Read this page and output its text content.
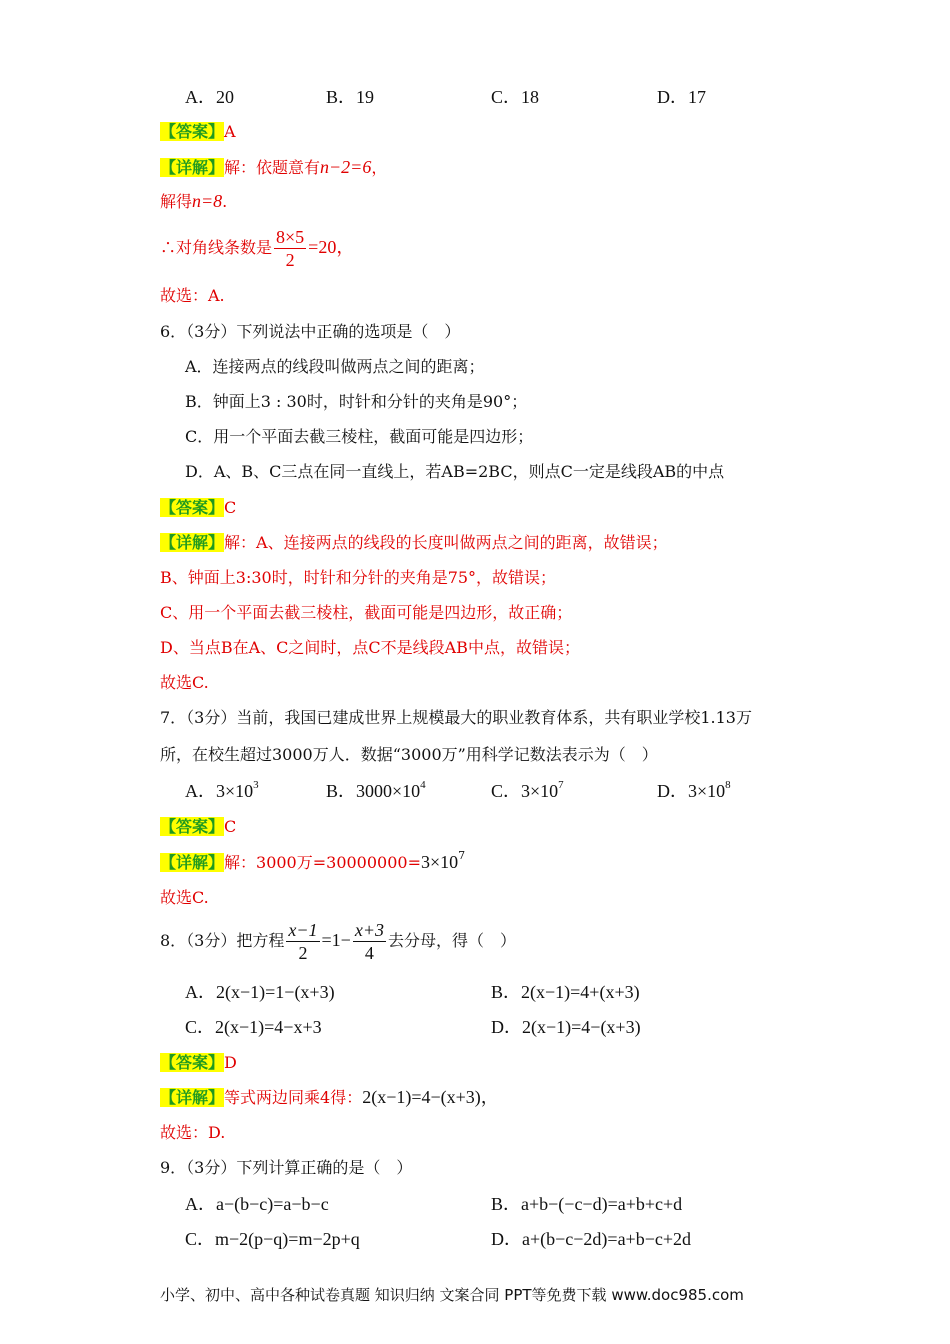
A．20	B．19	C．18	D．17
【答案】A
【详解】解：依题意有n−2=6，
解得n=8.
∴对角线条数是 $\frac{8\times 5}{2} =20$，
故选：A.
6．（3分）下列说法中正确的选项是（　）
A．连接两点的线段叫做两点之间的距离；
B．钟面上3 : 30时，时针和分针的夹角是90°；
C．用一个平面去截三棱柱，截面可能是四边形；
D．A、B、C三点在同一直线上，若AB=2BC，则点C一定是线段AB的中点
【答案】C
【详解】解：A、连接两点的线段的长度叫做两点之间的距离，故错误；
B、钟面上3:30时，时针和分针的夹角是75°，故错误；
C、用一个平面去截三棱柱，截面可能是四边形，故正确；
D、当点B在A、C之间时，点C不是线段AB中点，故错误；
故选C.
7．（3分）当前，我国已建成世界上规模最大的职业教育体系，共有职业学校1.13万
所，在校生超过3000万人．数据“3000万”用科学记数法表示为（　）
A．$3\times 10^3$	B．$3000\times 10^4$	C．$3\times 10^7$	D．$3\times 10^8$
【答案】C
【详解】解：3000万$=30000000=3\times 10^7$
故选C.
8．（3分）把方程 $\frac{x-1}{2} =1- \frac{x+3}{4}$ 去分母，得（　）
A．2(x−1)=1−(x+3)	B．2(x−1)=4+(x+3)
C．2(x−1)=4−x+3	D．2(x−1)=4−(x+3)
【答案】D
【详解】等式两边同乘4得：2(x−1)=4−(x+3)，
故选：D.
9．（3分）下列计算正确的是（　）
A．a−(b−c)=a−b−c	B．a+b−(−c−d)=a+b+c+d
C．m−2(p−q)=m−2p+q	D．a+(b−c−2d)=a+b−c+2d
小学、初中、高中各种试卷真题 知识归纳 文案合同 PPT等免费下载 www.doc985.com
